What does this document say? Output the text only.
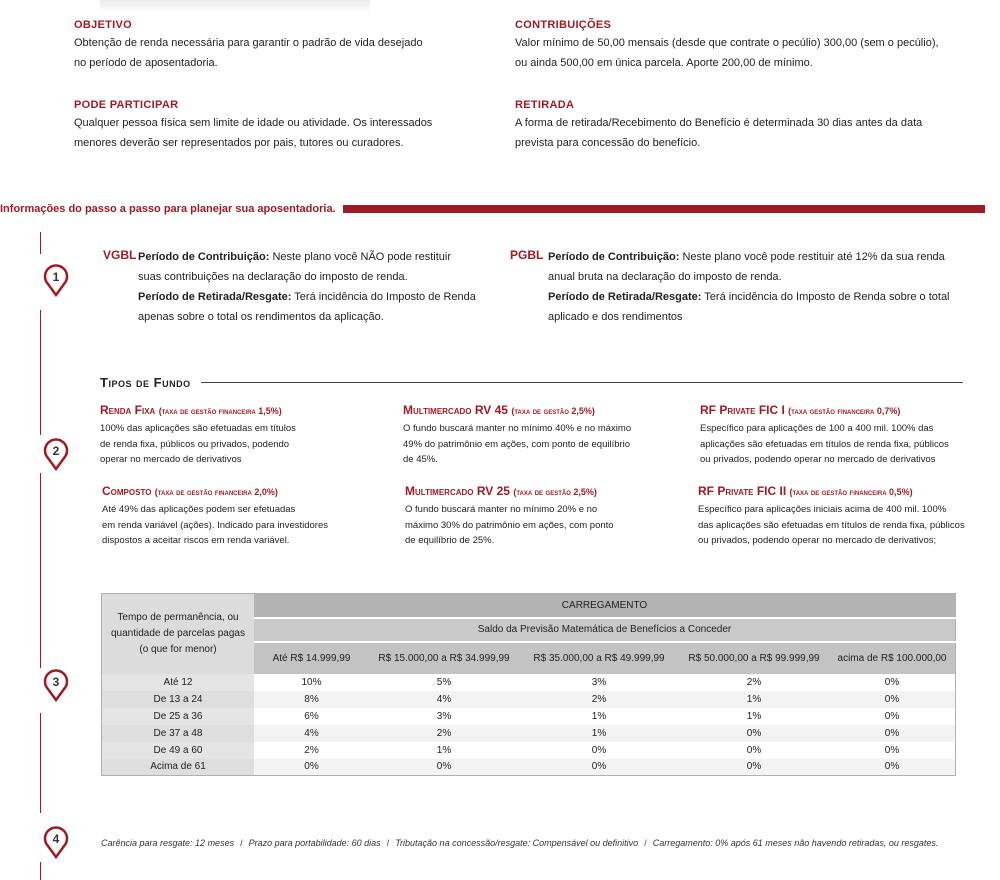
OBJETIVO
Obtenção de renda necessária para garantir o padrão de vida desejado
no período de aposentadoria.
CONTRIBUIÇÕES
Valor mínimo de 50,00 mensais (desde que contrate o pecúlio) 300,00 (sem o pecúlio),
ou ainda 500,00 em única parcela. Aporte 200,00 de mínimo.
PODE PARTICIPAR
Qualquer pessoa física sem limite de idade ou atividade. Os interessados
menores deverão ser representados por pais, tutores ou curadores.
RETIRADA
A forma de retirada/Recebimento do Benefício é determinada 30 dias antes da data
prevista para concessão do benefício.
Informações do passo a passo para planejar sua aposentadoria.
1
2
3
4
VGBL Período de Contribuição: Neste plano você NÃO pode restituir
suas contribuições na declaração do imposto de renda.
Período de Retirada/Resgate: Terá incidência do Imposto de Renda
apenas sobre o total os rendimentos da aplicação.
PGBL Período de Contribuição: Neste plano você pode restituir até 12% da sua renda
anual bruta na declaração do imposto de renda.
Período de Retirada/Resgate: Terá incidência do Imposto de Renda sobre o total
aplicado e dos rendimentos
Tipos de Fundo
Renda Fixa (taxa de gestão financeira 1,5%)
100% das aplicações são efetuadas em títulos
de renda fixa, públicos ou privados, podendo
operar no mercado de derivativos
Multimercado RV 45 (taxa de gestão 2,5%)
O fundo buscará manter no mínimo 40% e no máximo
49% do patrimônio em ações, com ponto de equilíbrio
de 45%.
RF Private FIC I (taxa gestão financeira 0,7%)
Específico para aplicações de 100 a 400 mil. 100% das
aplicações são efetuadas em títulos de renda fixa, públicos
ou privados, podendo operar no mercado de derivativos
Composto (taxa de gestão financeira 2,0%)
Até 49% das aplicações podem ser efetuadas
em renda variável (ações). Indicado para investidores
dispostos a aceitar riscos em renda variável.
Multimercado RV 25 (taxa de gestão 2,5%)
O fundo buscará manter no mínimo 20% e no
máximo 30% do patrimônio em ações, com ponto
de equilíbrio de 25%.
RF Private FIC II (taxa de gestão financeira 0,5%)
Específico para aplicações iniciais acima de 400 mil. 100%
das aplicações são efetuadas em títulos de renda fixa, públicos
ou privados, podendo operar no mercado de derivativos;
Tempo de permanência, ou
quantidade de parcelas pagas
(o que for menor)	CARREGAMENTO				
	Saldo da Previsão Matemática de Benefícios a Conceder				
	Até R$ 14.999,99	R$ 15.000,00 a R$ 34.999,99	R$ 35.000,00 a R$ 49.999,99	R$ 50.000,00 a R$ 99.999,99	acima de R$ 100.000,00
Até 12	10%	5%	3%	2%	0%
De 13 a 24	8%	4%	2%	1%	0%
De 25 a 36	6%	3%	1%	1%	0%
De 37 a 48	4%	2%	1%	0%	0%
De 49 a 60	2%	1%	0%	0%	0%
Acima de 61	0%	0%	0%	0%	0%
Carência para resgate: 12 meses / Prazo para portabilidade: 60 dias / Tributação na concessão/resgate: Compensável ou definitivo / Carregamento: 0% após 61 meses não havendo retiradas, ou resgates.
